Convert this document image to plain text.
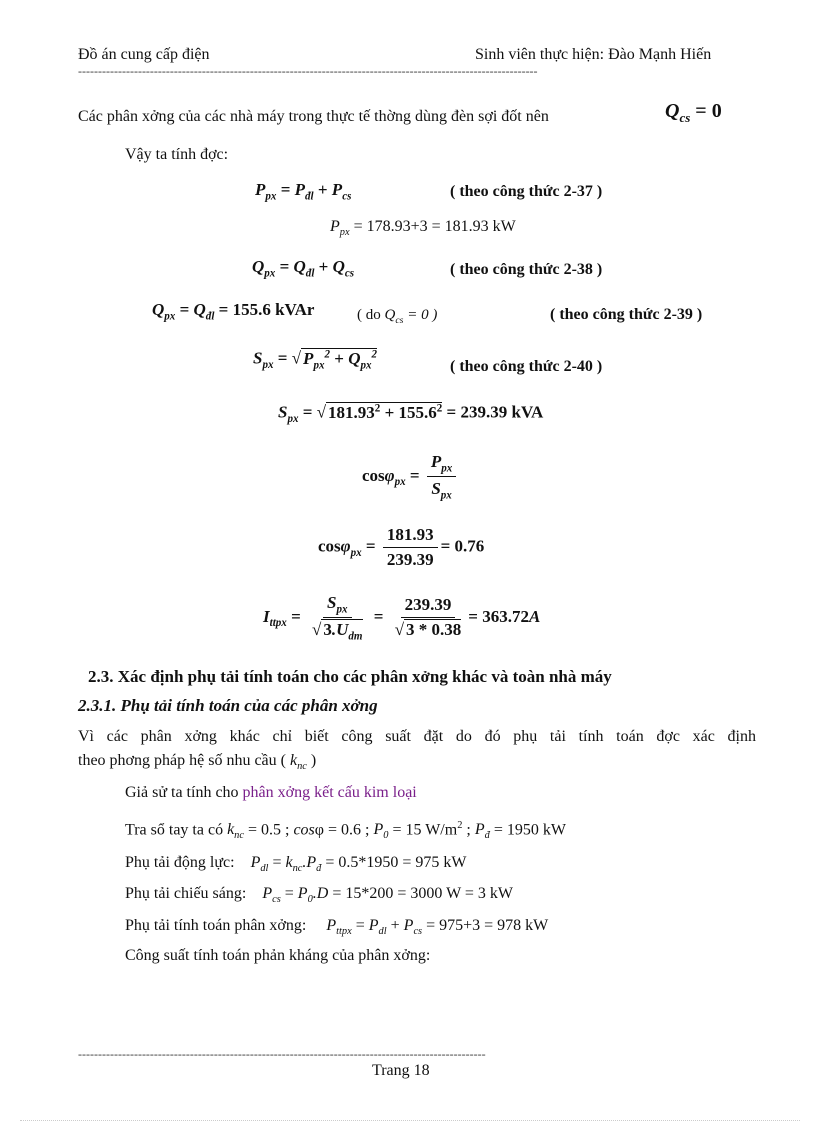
Đồ án cung cấp điện	Sinh viên thực hiện: Đào Mạnh Hiến
-------------------------------------------------------------------------------------------------------------------
Các phân xởng của các nhà máy trong thực tế thờng dùng đèn sợi đốt nên	$Q_{cs} = 0$
Vậy ta tính đợc:
$P_{px} = P_{đl} + P_{cs}$	( theo công thức 2-37 )
$P_{px} = 178.93+3 = 181.93$ kW
$Q_{px} = Q_{đl} + Q_{cs}$	( theo công thức 2-38 )
$Q_{px} = Q_{đl} = 155.6$ kVAr	( do $Q_{cs} = 0$ )	( theo công thức 2-39 )
$S_{px}$ = √ $P_{px}^2 + Q_{px}^2$
( theo công thức 2-40 )
$S_{px}$ = √ $181.93^2 + 155.6^2 = 239.39$ kVA
$\cos\varphi_{px} = \frac{P_{px}}{S_{px}}$
$\cos\varphi_{px} = \frac{181.93}{239.39} = 0.76$
$I_{ttpx} = \frac{S_{px}}{√ 3.U_{dm}} = \frac{239.39}{√ 3 * 0.38} = 363.72A$
2.3. Xác định phụ tải tính toán cho các phân xởng khác và toàn nhà máy
2.3.1. Phụ tải tính toán của các phân xởng
Vì các phân xởng khác chỉ biết công suất đặt do đó phụ tải tính toán đợc xác định
theo phơng pháp hệ số nhu cầu ( $k_{nc}$ )
Giả sử ta tính cho phân xởng kết cấu kim loại
Tra sổ tay ta có $k_{nc} = 0.5$ ; cosφ = 0.6 ; $P_0 = 15$ $W/m^2$ ; $P_đ = 1950$ kW
Phụ tải động lực: $P_{dl} = k_{nc}.P_đ = 0.5*1950 = 975$ kW
Phụ tải chiếu sáng: $P_{cs} = P_0.D = 15*200 = 3000$ W = 3 kW
Phụ tải tính toán phân xởng: $P_{ttpx} = P_{dl} + P_{cs} = 975+3 = 978$ kW
Công suất tính toán phản kháng của phân xởng:
------------------------------------------------------------------------------------------------------
Trang 18
